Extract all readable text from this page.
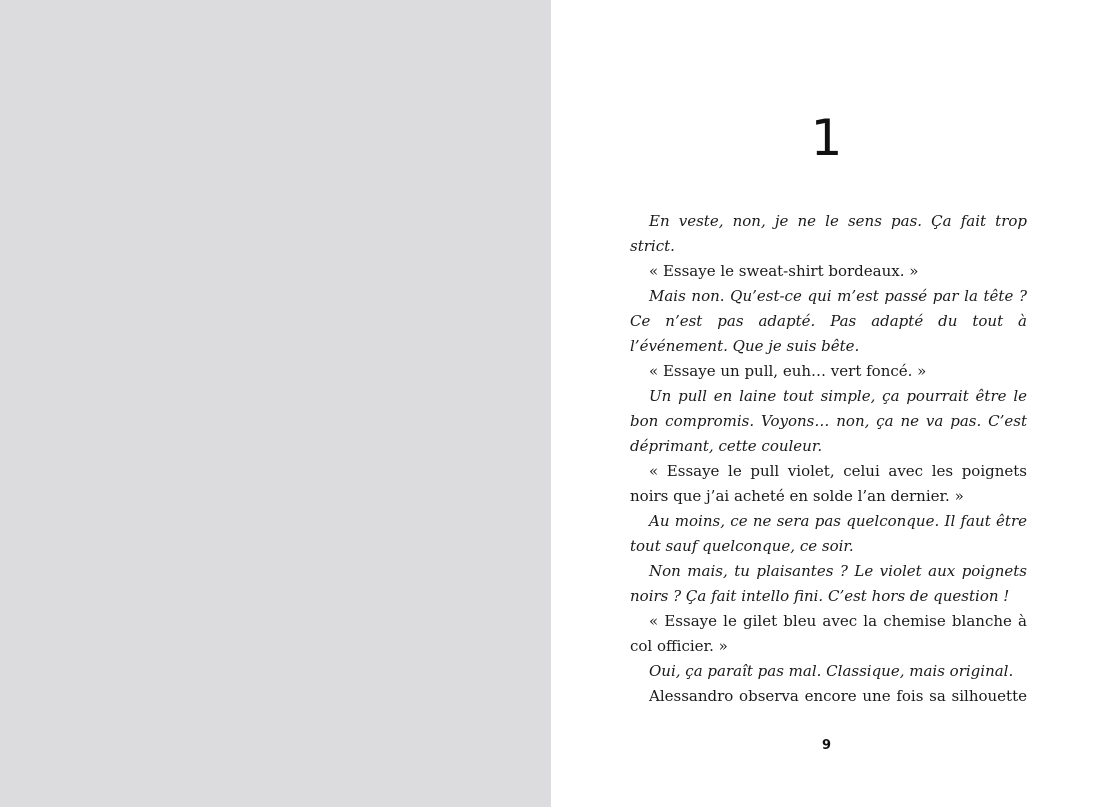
1

En veste, non, je ne le sens pas. Ça fait trop strict.

« Essaye le sweat-shirt bordeaux. »

Mais non. Qu’est-ce qui m’est passé par la tête ? Ce n’est pas adapté. Pas adapté du tout à l’événement. Que je suis bête.

« Essaye un pull, euh… vert foncé. »

Un pull en laine tout simple, ça pourrait être le bon compromis. Voyons… non, ça ne va pas. C’est déprimant, cette couleur.

« Essaye le pull violet, celui avec les poignets noirs que j’ai acheté en solde l’an dernier. »

Au moins, ce ne sera pas quelconque. Il faut être tout sauf quelconque, ce soir.

Non mais, tu plaisantes ? Le violet aux poignets noirs ? Ça fait intello fini. C’est hors de question !

« Essaye le gilet bleu avec la chemise blanche à col officier. »

Oui, ça paraît pas mal. Classique, mais original.

Alessandro observa encore une fois sa silhouette

9
